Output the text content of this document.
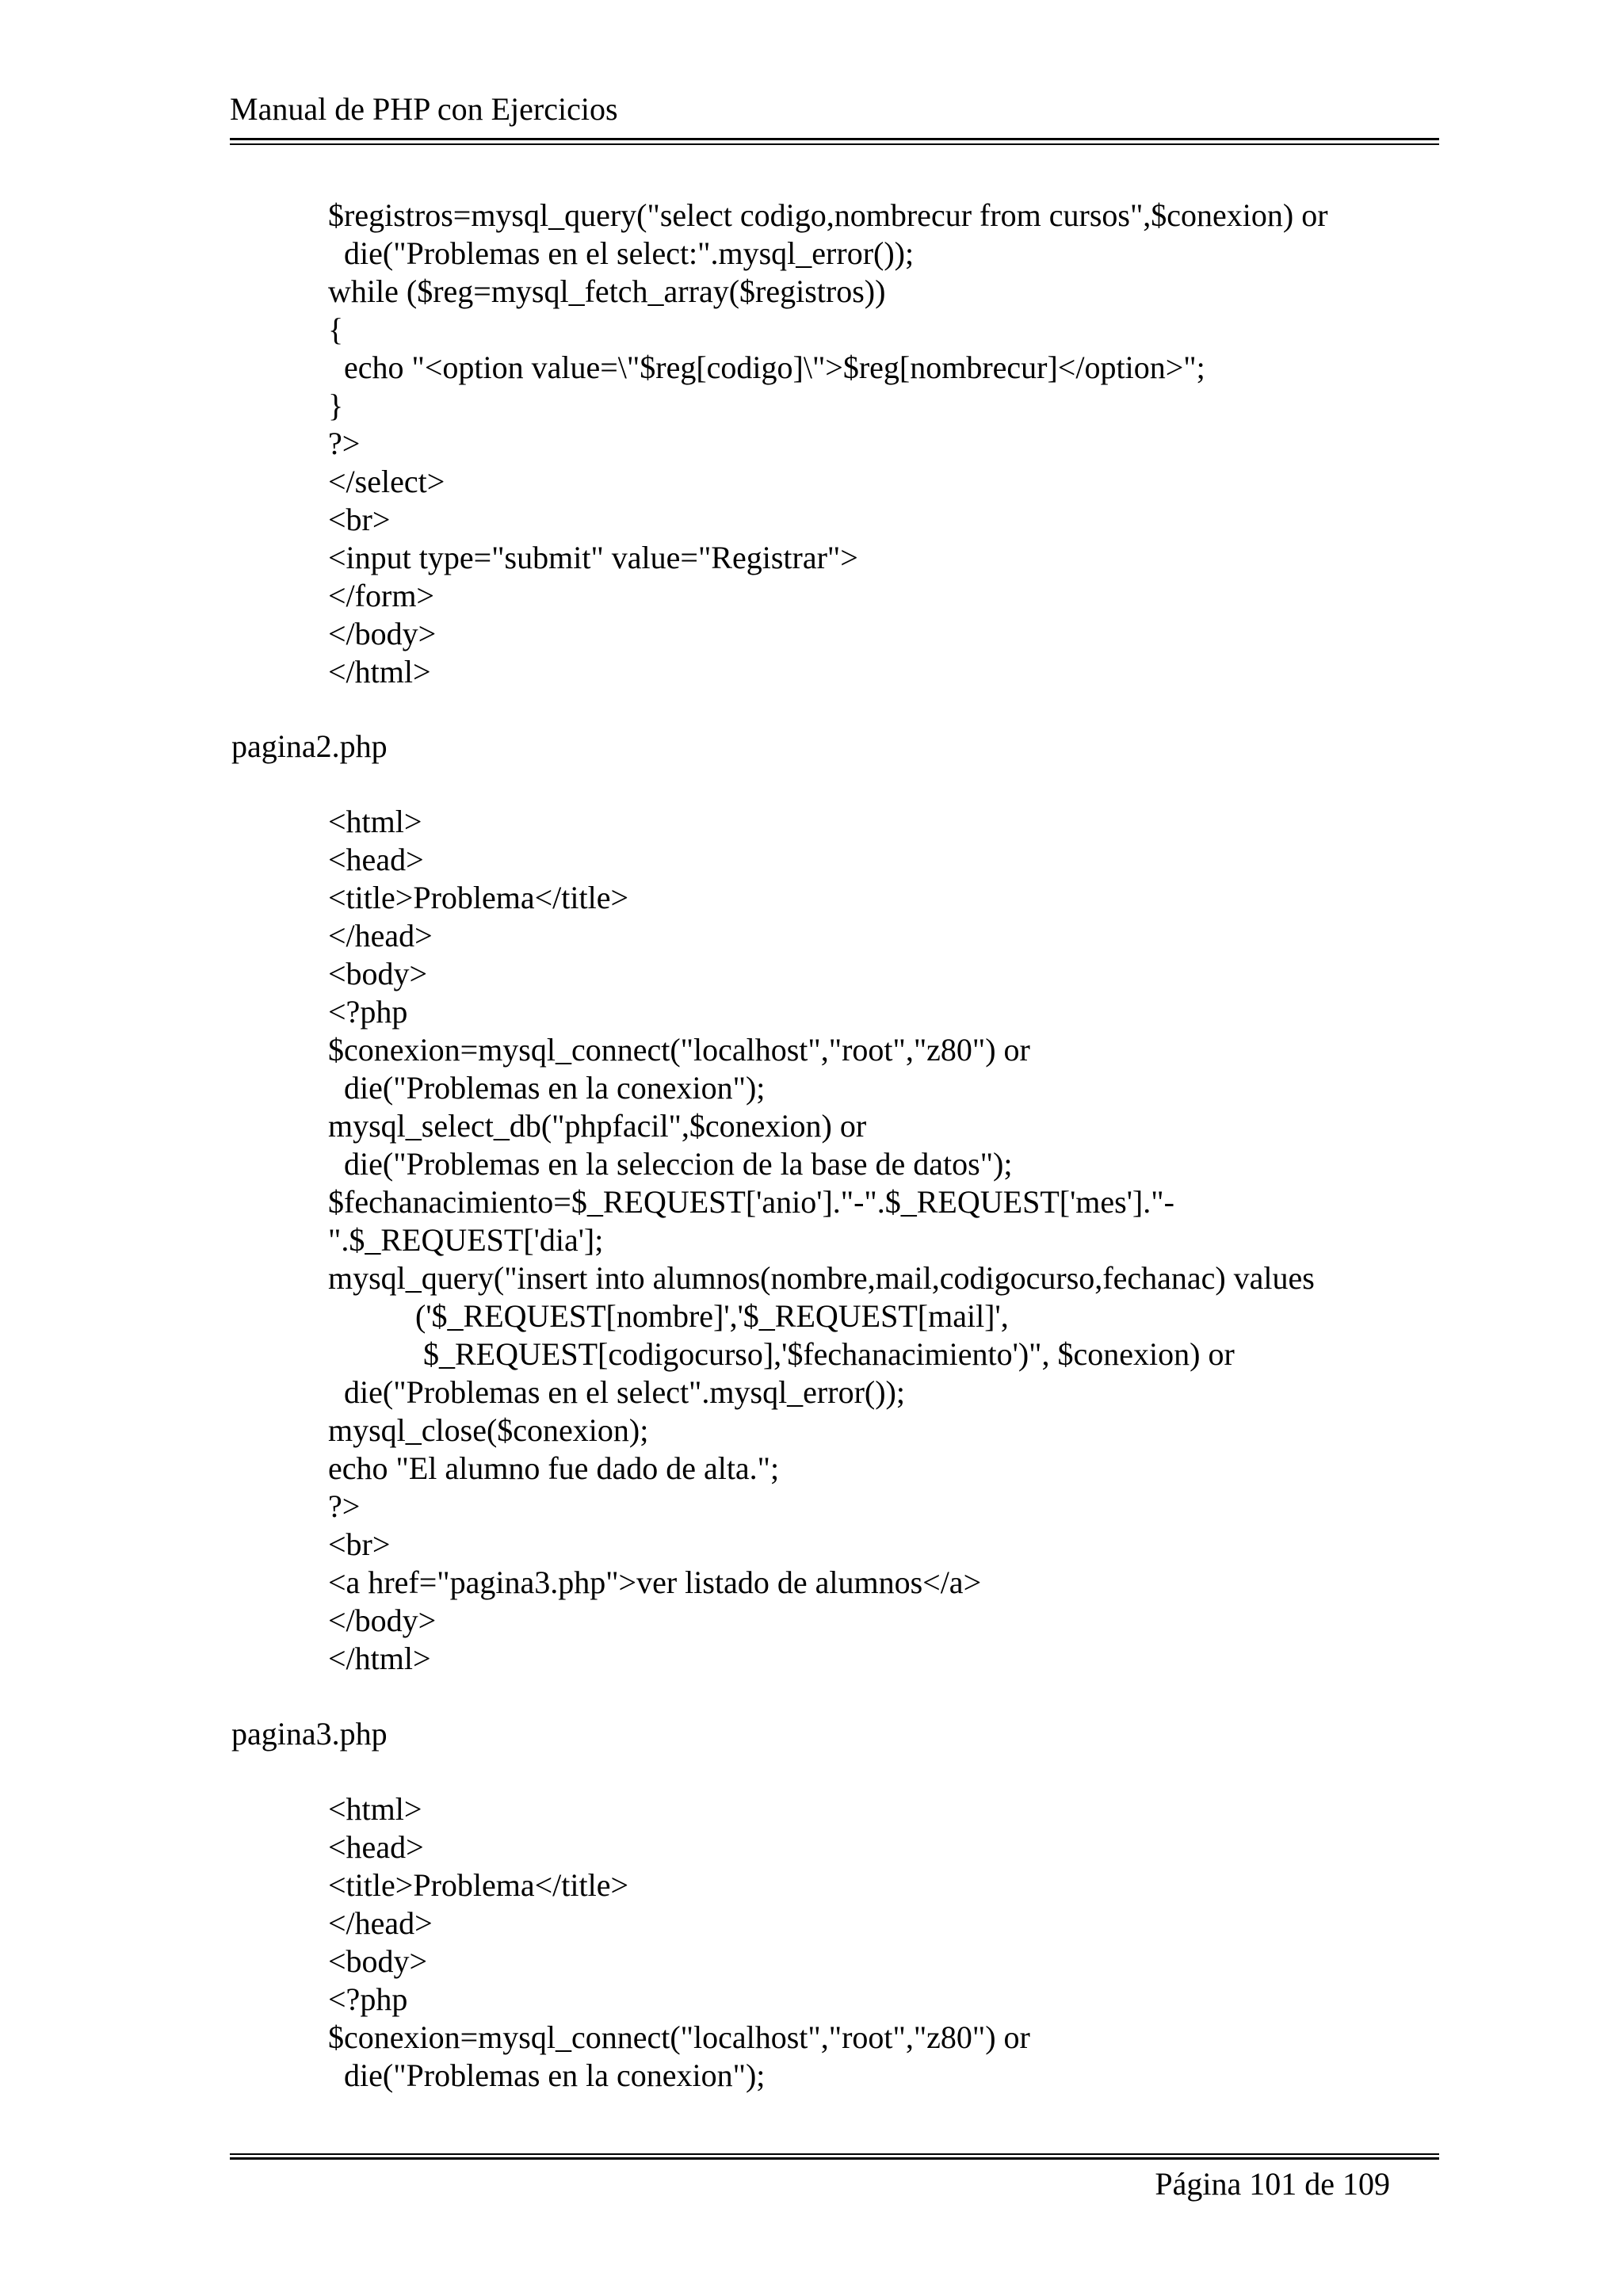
Manual de PHP con Ejercicios
$registros=mysql_query("select codigo,nombrecur from cursos",$conexion) or
die("Problemas en el select:".mysql_error());
while ($reg=mysql_fetch_array($registros))
{
echo "<option value=\"$reg[codigo]\">$reg[nombrecur]</option>";
}
?>
</select>
<br>
<input type="submit" value="Registrar">
</form>
</body>
</html>
pagina2.php
<html>
<head>
<title>Problema</title>
</head>
<body>
<?php
$conexion=mysql_connect("localhost","root","z80") or
die("Problemas en la conexion");
mysql_select_db("phpfacil",$conexion) or
die("Problemas en la seleccion de la base de datos");
$fechanacimiento=$_REQUEST['anio']."-".$_REQUEST['mes']."-
".$_REQUEST['dia'];
mysql_query("insert into alumnos(nombre,mail,codigocurso,fechanac) values
('$_REQUEST[nombre]','$_REQUEST[mail]',
$_REQUEST[codigocurso],'$fechanacimiento')", $conexion) or
die("Problemas en el select".mysql_error());
mysql_close($conexion);
echo "El alumno fue dado de alta.";
?>
<br>
<a href="pagina3.php">ver listado de alumnos</a>
</body>
</html>
pagina3.php
<html>
<head>
<title>Problema</title>
</head>
<body>
<?php
$conexion=mysql_connect("localhost","root","z80") or
die("Problemas en la conexion");
Página 101 de 109
